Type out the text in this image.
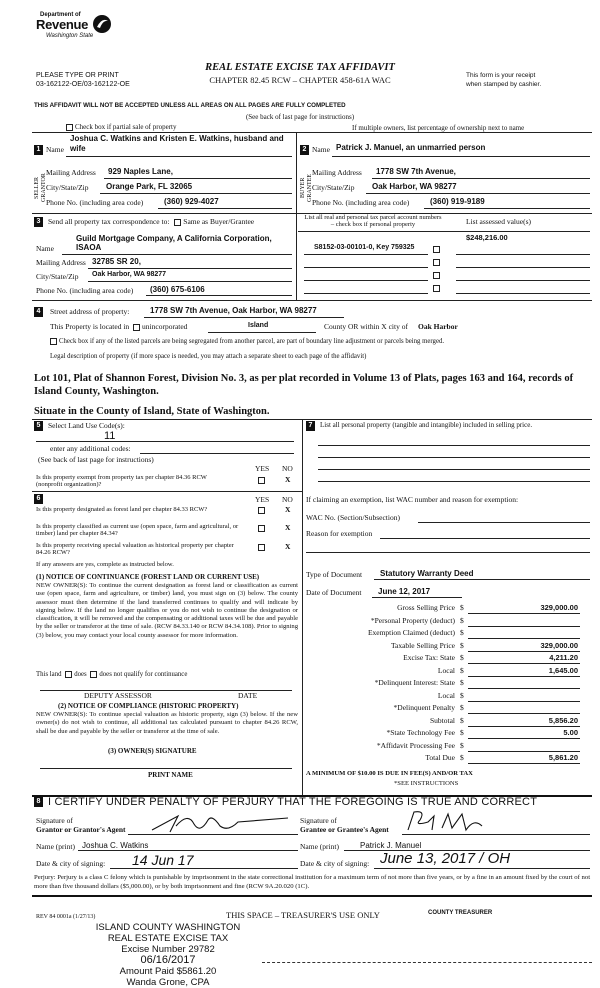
Department of
Revenue
Washington State
PLEASE TYPE OR PRINT
03-162122-OE/03-162122-OE
REAL ESTATE EXCISE TAX AFFIDAVIT
CHAPTER 82.45 RCW – CHAPTER 458-61A WAC	This form is your receipt
when stamped by cashier.
THIS AFFIDAVIT WILL NOT BE ACCEPTED UNLESS ALL AREAS ON ALL PAGES ARE FULLY COMPLETED
(See back of last page for instructions)
Check box if partial sale of property	If multiple owners, list percentage of ownership next to name
1
SELLER GRANTOR
Name
Joshua C. Watkins and Kristen E. Watkins, husband and wife
Mailing Address 929 Naples Lane,
City/State/Zip Orange Park, FL 32065
Phone No. (including area code)	(360) 929-4027
2
BUYER GRANTEE
Name Patrick J. Manuel, an unmarried person
Mailing Address 1778 SW 7th Avenue,
City/State/Zip Oak Harbor, WA 98277
Phone No. (including area code)	(360) 919-9189
3	Send all property tax correspondence to: Same as Buyer/Grantee
Guild Mortgage Company, A California Corporation,
Name	ISAOA
Mailing Address 32785 SR 20,
City/State/Zip Oak Harbor, WA 98277
Phone No. (including area code) (360) 675-6106
List all real and personal tax parcel account numbers – check box if personal property	List assessed value(s)
$248,216.00
S8152-03-00101-0, Key 759325
4	Street address of property:	1778 SW 7th Avenue, Oak Harbor, WA 98277
This Property is located in unincorporated	Island	County OR within X city of Oak Harbor
Check box if any of the listed parcels are being segregated from another parcel, are part of boundary line adjustment or parcels being merged.
Legal description of property (if more space is needed, you may attach a separate sheet to each page of the affidavit)
Lot 101, Plat of Shannon Forest, Division No. 3, as per plat recorded in Volume 13 of Plats, pages 163 and 164, records of Island County, Washington.
Situate in the County of Island, State of Washington.
5	Select Land Use Code(s):
11
enter any additional codes:
(See back of last page for instructions)
YES NO
Is this property exempt from property tax per chapter 84.36 RCW (nonprofit organization)?
X
6	YES NO
Is this property designated as forest land per chapter 84.33 RCW?	X
Is this property classified as current use (open space, farm and agricultural, or timber) land per chapter 84.34?
X
Is this property receiving special valuation as historical property per chapter 84.26 RCW?
X
If any answers are yes, complete as instructed below.
(1) NOTICE OF CONTINUANCE (FOREST LAND OR CURRENT USE)
NEW OWNER(S): To continue the current designation as forest land or classification as current use (open space, farm and agriculture, or timber) land, you must sign on (3) below. The county assessor must then determine if the land transferred continues to qualify and will indicate by signing below. If the land no longer qualifies or you do not wish to continue the designation or classification, it will be removed and the compensating or additional taxes will be due and payable by the seller or transferor at the time of sale. (RCW 84.33.140 or RCW 84.34.108). Prior to signing (3) below, you may contact your local county assessor for more information.
This land does does not qualify for continuance
DEPUTY ASSESSOR	DATE
(2) NOTICE OF COMPLIANCE (HISTORIC PROPERTY)
NEW OWNER(S): To continue special valuation as historic property, sign (3) below. If the new owner(s) do not wish to continue, all additional tax calculated pursuant to chapter 84.26 RCW, shall be due and payable by the seller or transferor at the time of sale.
(3) OWNER(S) SIGNATURE
PRINT NAME
7	List all personal property (tangible and intangible) included in selling price.
If claiming an exemption, list WAC number and reason for exemption:
WAC No. (Section/Subsection)
Reason for exemption
Type of Document Statutory Warranty Deed
Date of Document June 12, 2017
Gross Selling Price $	329,000.00
*Personal Property (deduct) $
Exemption Claimed (deduct) $
Taxable Selling Price $	329,000.00
Excise Tax: State $	4,211.20
Local $	1,645.00
*Delinquent Interest: State $
Local $
*Delinquent Penalty $
Subtotal $	5,856.20
*State Technology Fee $	5.00
*Affidavit Processing Fee $
Total Due $	5,861.20
A MINIMUM OF $10.00 IS DUE IN FEE(S) AND/OR TAX
*SEE INSTRUCTIONS
8 I CERTIFY UNDER PENALTY OF PERJURY THAT THE FOREGOING IS TRUE AND CORRECT
Signature of
Grantor or Grantor's Agent
Signature of
Grantee or Grantee's Agent
Name (print) Joshua C. Watkins	Name (print)	Patrick J. Manuel
Date & city of signing: 14 Jun 17	Date & city of signing: June 13, 2017 / OH
Perjury: Perjury is a class C felony which is punishable by imprisonment in the state correctional institution for a maximum term of not more than five years, or by a fine in an amount fixed by the court of not more than five thousand dollars ($5,000.00), or by both imprisonment and fine (RCW 9A.20.020 (1C).
REV 84 0001a (1/27/13)	THIS SPACE – TREASURER'S USE ONLY	COUNTY TREASURER
ISLAND COUNTY WASHINGTON
REAL ESTATE EXCISE TAX
Excise Number 29782
06/16/2017
Amount Paid $5861.20
Wanda Grone, CPA
